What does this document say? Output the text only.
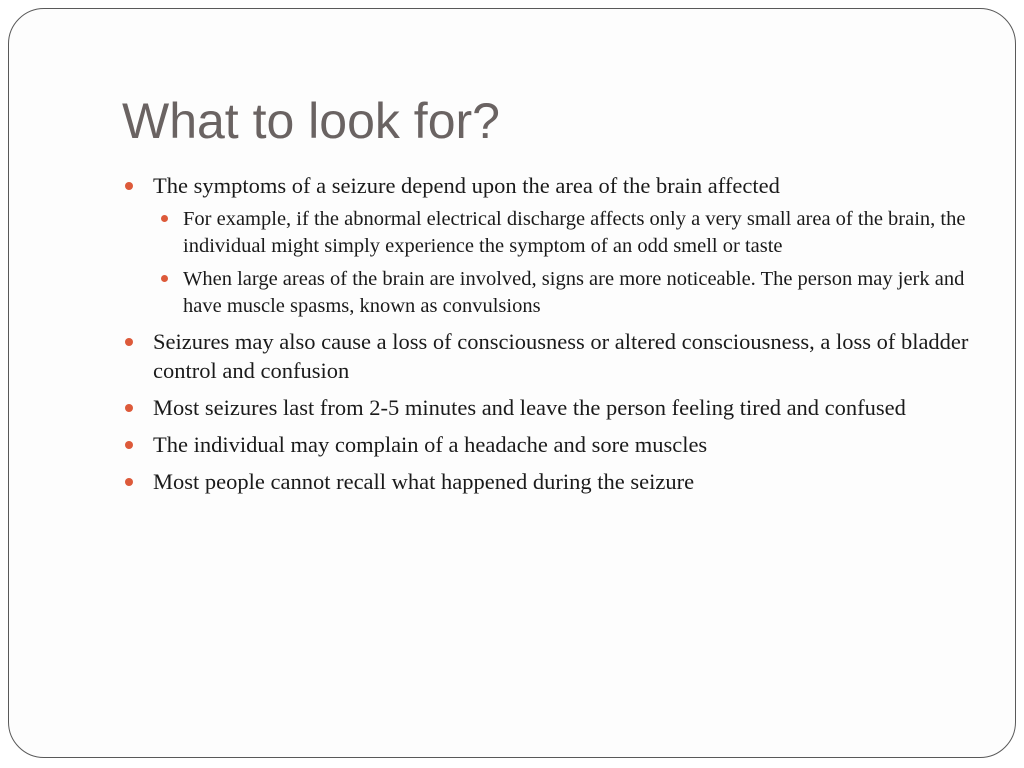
What to look for?
The symptoms of a seizure depend upon the area of the brain affected
For example, if the abnormal electrical discharge affects only a very small area of the brain, the individual might simply experience the symptom of an odd smell or taste
When large areas of the brain are involved, signs are more noticeable. The person may jerk and have muscle spasms, known as convulsions
Seizures may also cause a loss of consciousness or altered consciousness, a loss of bladder control and confusion
Most seizures last from 2-5 minutes and leave the person feeling tired and confused
The individual may complain of a headache and sore muscles
Most people cannot recall what happened during the seizure
